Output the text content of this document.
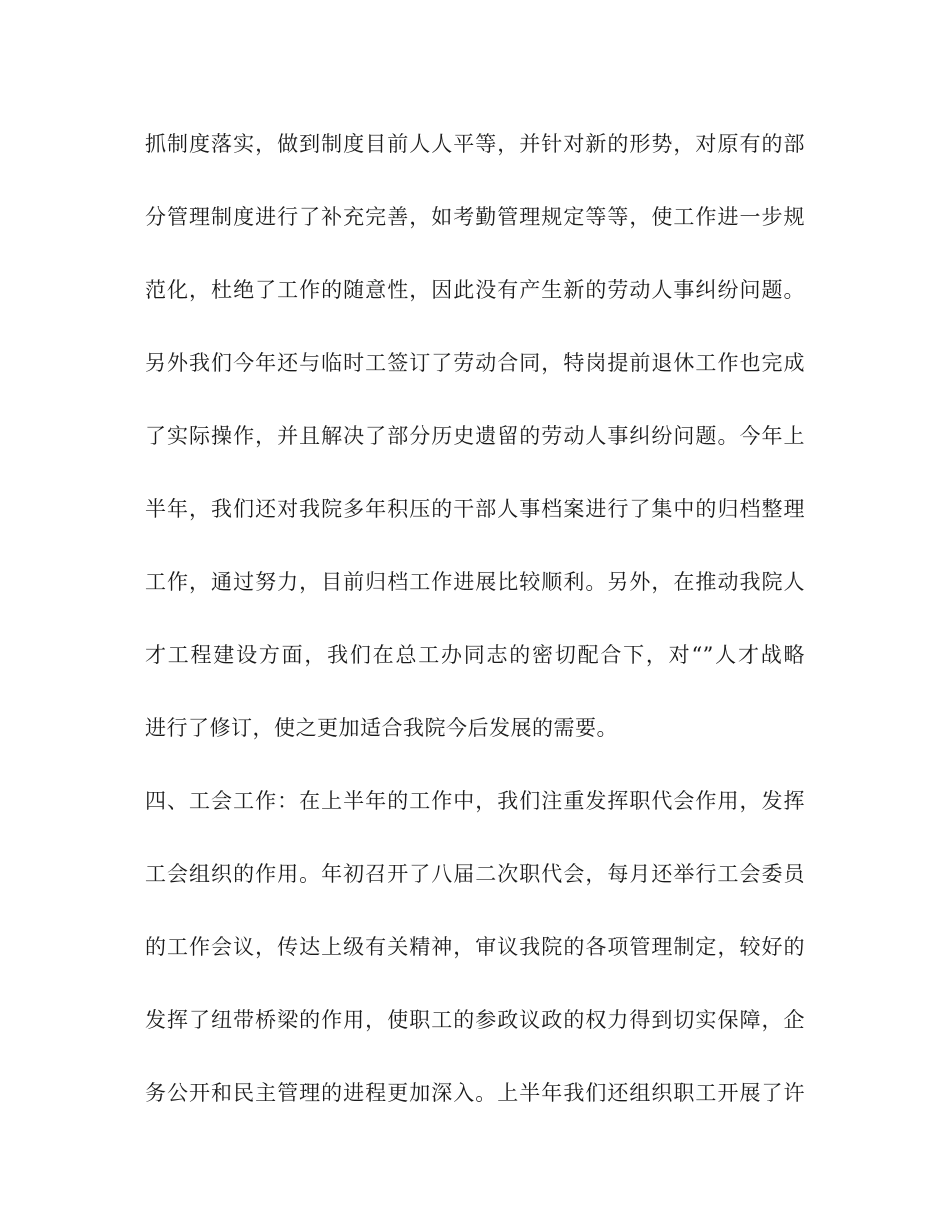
抓制度落实，做到制度目前人人平等，并针对新的形势，对原有的部
分管理制度进行了补充完善，如考勤管理规定等等，使工作进一步规
范化，杜绝了工作的随意性，因此没有产生新的劳动人事纠纷问题。
另外我们今年还与临时工签订了劳动合同，特岗提前退休工作也完成
了实际操作，并且解决了部分历史遗留的劳动人事纠纷问题。今年上
半年，我们还对我院多年积压的干部人事档案进行了集中的归档整理
工作，通过努力，目前归档工作进展比较顺利。另外，在推动我院人
才工程建设方面，我们在总工办同志的密切配合下，对“”人才战略
进行了修订，使之更加适合我院今后发展的需要。
四、工会工作：在上半年的工作中，我们注重发挥职代会作用，发挥
工会组织的作用。年初召开了八届二次职代会，每月还举行工会委员
的工作会议，传达上级有关精神，审议我院的各项管理制定，较好的
发挥了纽带桥梁的作用，使职工的参政议政的权力得到切实保障，企
务公开和民主管理的进程更加深入。上半年我们还组织职工开展了许
